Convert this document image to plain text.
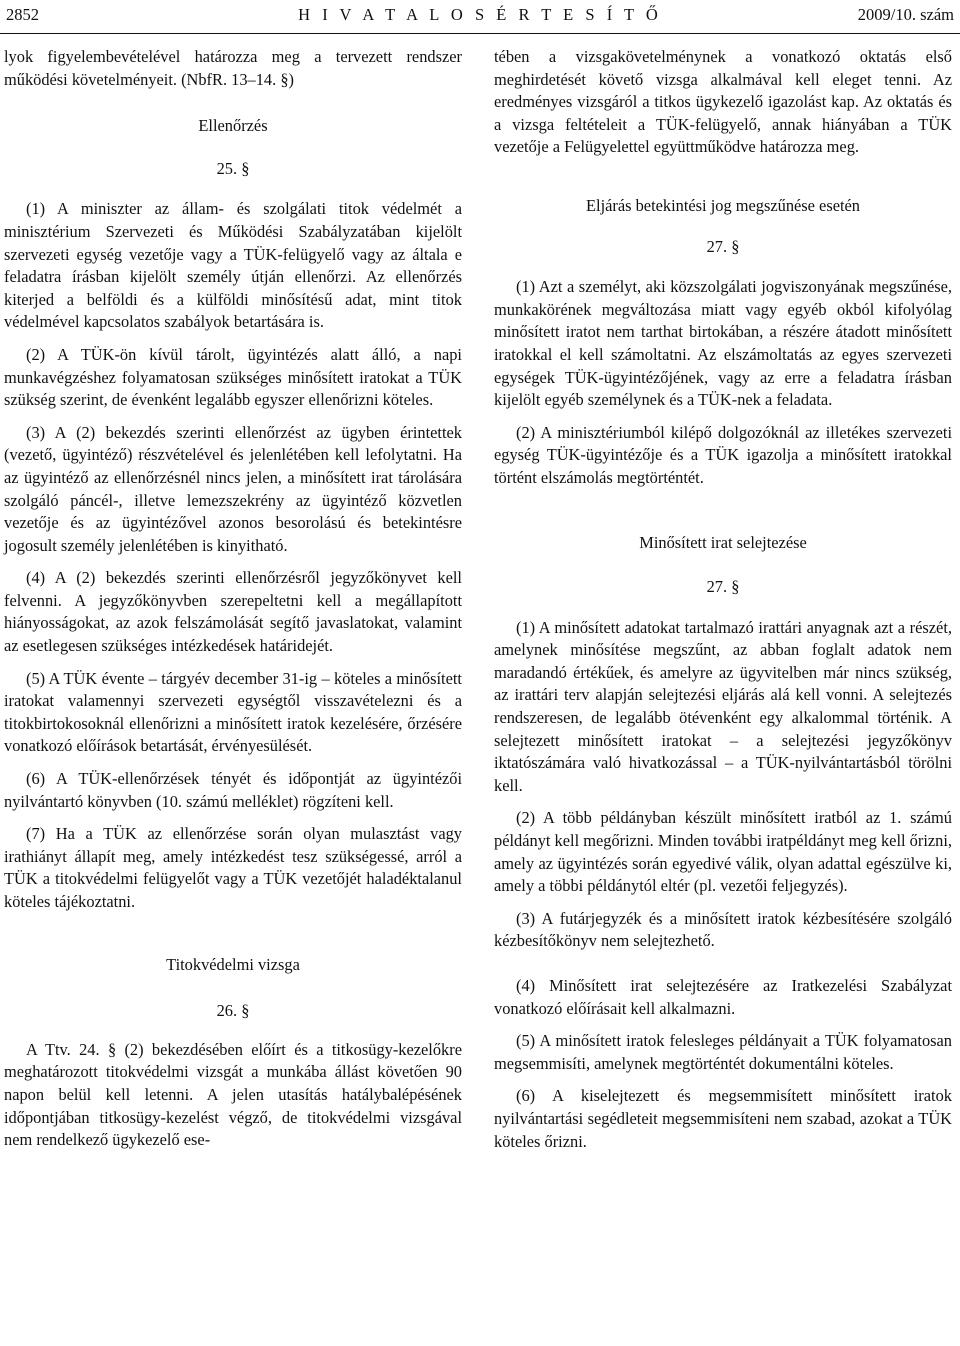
2852	H I V A T A L O S É R T E S Í T Ő	2009/10. szám

lyok figyelembevételével határozza meg a tervezett rendszer működési követelményeit. (NbfR. 13–14. §)

Ellenőrzés
25. §

(1) A miniszter az állam- és szolgálati titok védelmét a minisztérium Szervezeti és Működési Szabályzatában kijelölt szervezeti egység vezetője vagy a TÜK-felügyelő vagy az általa e feladatra írásban kijelölt személy útján ellenőrzi. Az ellenőrzés kiterjed a belföldi és a külföldi minősítésű adat, mint titok védelmével kapcsolatos szabályok betartására is.

(2) A TÜK-ön kívül tárolt, ügyintézés alatt álló, a napi munkavégzéshez folyamatosan szükséges minősített iratokat a TÜK szükség szerint, de évenként legalább egyszer ellenőrizni köteles.

(3) A (2) bekezdés szerinti ellenőrzést az ügyben érintettek (vezető, ügyintéző) részvételével és jelenlétében kell lefolytatni. Ha az ügyintéző az ellenőrzésnél nincs jelen, a minősített irat tárolására szolgáló páncél-, illetve lemezszekrény az ügyintéző közvetlen vezetője és az ügyintézővel azonos besorolású és betekintésre jogosult személy jelenlétében is kinyitható.

(4) A (2) bekezdés szerinti ellenőrzésről jegyzőkönyvet kell felvenni. A jegyzőkönyvben szerepeltetni kell a megállapított hiányosságokat, az azok felszámolását segítő javaslatokat, valamint az esetlegesen szükséges intézkedések határidejét.

(5) A TÜK évente – tárgyév december 31-ig – köteles a minősített iratokat valamennyi szervezeti egységtől visszavételezni és a titokbirtokosoknál ellenőrizni a minősített iratok kezelésére, őrzésére vonatkozó előírások betartását, érvényesülését.

(6) A TÜK-ellenőrzések tényét és időpontját az ügyintézői nyilvántartó könyvben (10. számú melléklet) rögzíteni kell.

(7) Ha a TÜK az ellenőrzése során olyan mulasztást vagy irathiányt állapít meg, amely intézkedést tesz szükségessé, arról a TÜK a titokvédelmi felügyelőt vagy a TÜK vezetőjét haladéktalanul köteles tájékoztatni.

Titokvédelmi vizsga
26. §

A Ttv. 24. § (2) bekezdésében előírt és a titkosügy-kezelőkre meghatározott titokvédelmi vizsgát a munkába állást követően 90 napon belül kell letenni. A jelen utasítás hatálybalépésének időpontjában titkosügy-kezelést végző, de titokvédelmi vizsgával nem rendelkező ügykezelő ese-

tében a vizsgakövetelménynek a vonatkozó oktatás első meghirdetését követő vizsga alkalmával kell eleget tenni. Az eredményes vizsgáról a titkos ügykezelő igazolást kap. Az oktatás és a vizsga feltételeit a TÜK-felügyelő, annak hiányában a TÜK vezetője a Felügyelettel együttműködve határozza meg.

Eljárás betekintési jog megszűnése esetén
27. §

(1) Azt a személyt, aki közszolgálati jogviszonyának megszűnése, munkakörének megváltozása miatt vagy egyéb okból kifolyólag minősített iratot nem tarthat birtokában, a részére átadott minősített iratokkal el kell számoltatni. Az elszámoltatás az egyes szervezeti egységek TÜK-ügyintézőjének, vagy az erre a feladatra írásban kijelölt egyéb személynek és a TÜK-nek a feladata.

(2) A minisztériumból kilépő dolgozóknál az illetékes szervezeti egység TÜK-ügyintézője és a TÜK igazolja a minősített iratokkal történt elszámolás megtörténtét.

Minősített irat selejtezése
27. §

(1) A minősített adatokat tartalmazó irattári anyagnak azt a részét, amelynek minősítése megszűnt, az abban foglalt adatok nem maradandó értékűek, és amelyre az ügyvitelben már nincs szükség, az irattári terv alapján selejtezési eljárás alá kell vonni. A selejtezés rendszeresen, de legalább ötévenként egy alkalommal történik. A selejtezett minősített iratokat – a selejtezési jegyzőkönyv iktatószámára való hivatkozással – a TÜK-nyilvántartásból törölni kell.

(2) A több példányban készült minősített iratból az 1. számú példányt kell megőrizni. Minden további iratpéldányt meg kell őrizni, amely az ügyintézés során egyedivé válik, olyan adattal egészülve ki, amely a többi példánytól eltér (pl. vezetői feljegyzés).

(3) A futárjegyzék és a minősített iratok kézbesítésére szolgáló kézbesítőkönyv nem selejtezhető.

(4) Minősített irat selejtezésére az Iratkezelési Szabályzat vonatkozó előírásait kell alkalmazni.

(5) A minősített iratok felesleges példányait a TÜK folyamatosan megsemmisíti, amelynek megtörténtét dokumentálni köteles.

(6) A kiselejtezett és megsemmisített minősített iratok nyilvántartási segédleteit megsemmisíteni nem szabad, azokat a TÜK köteles őrizni.
